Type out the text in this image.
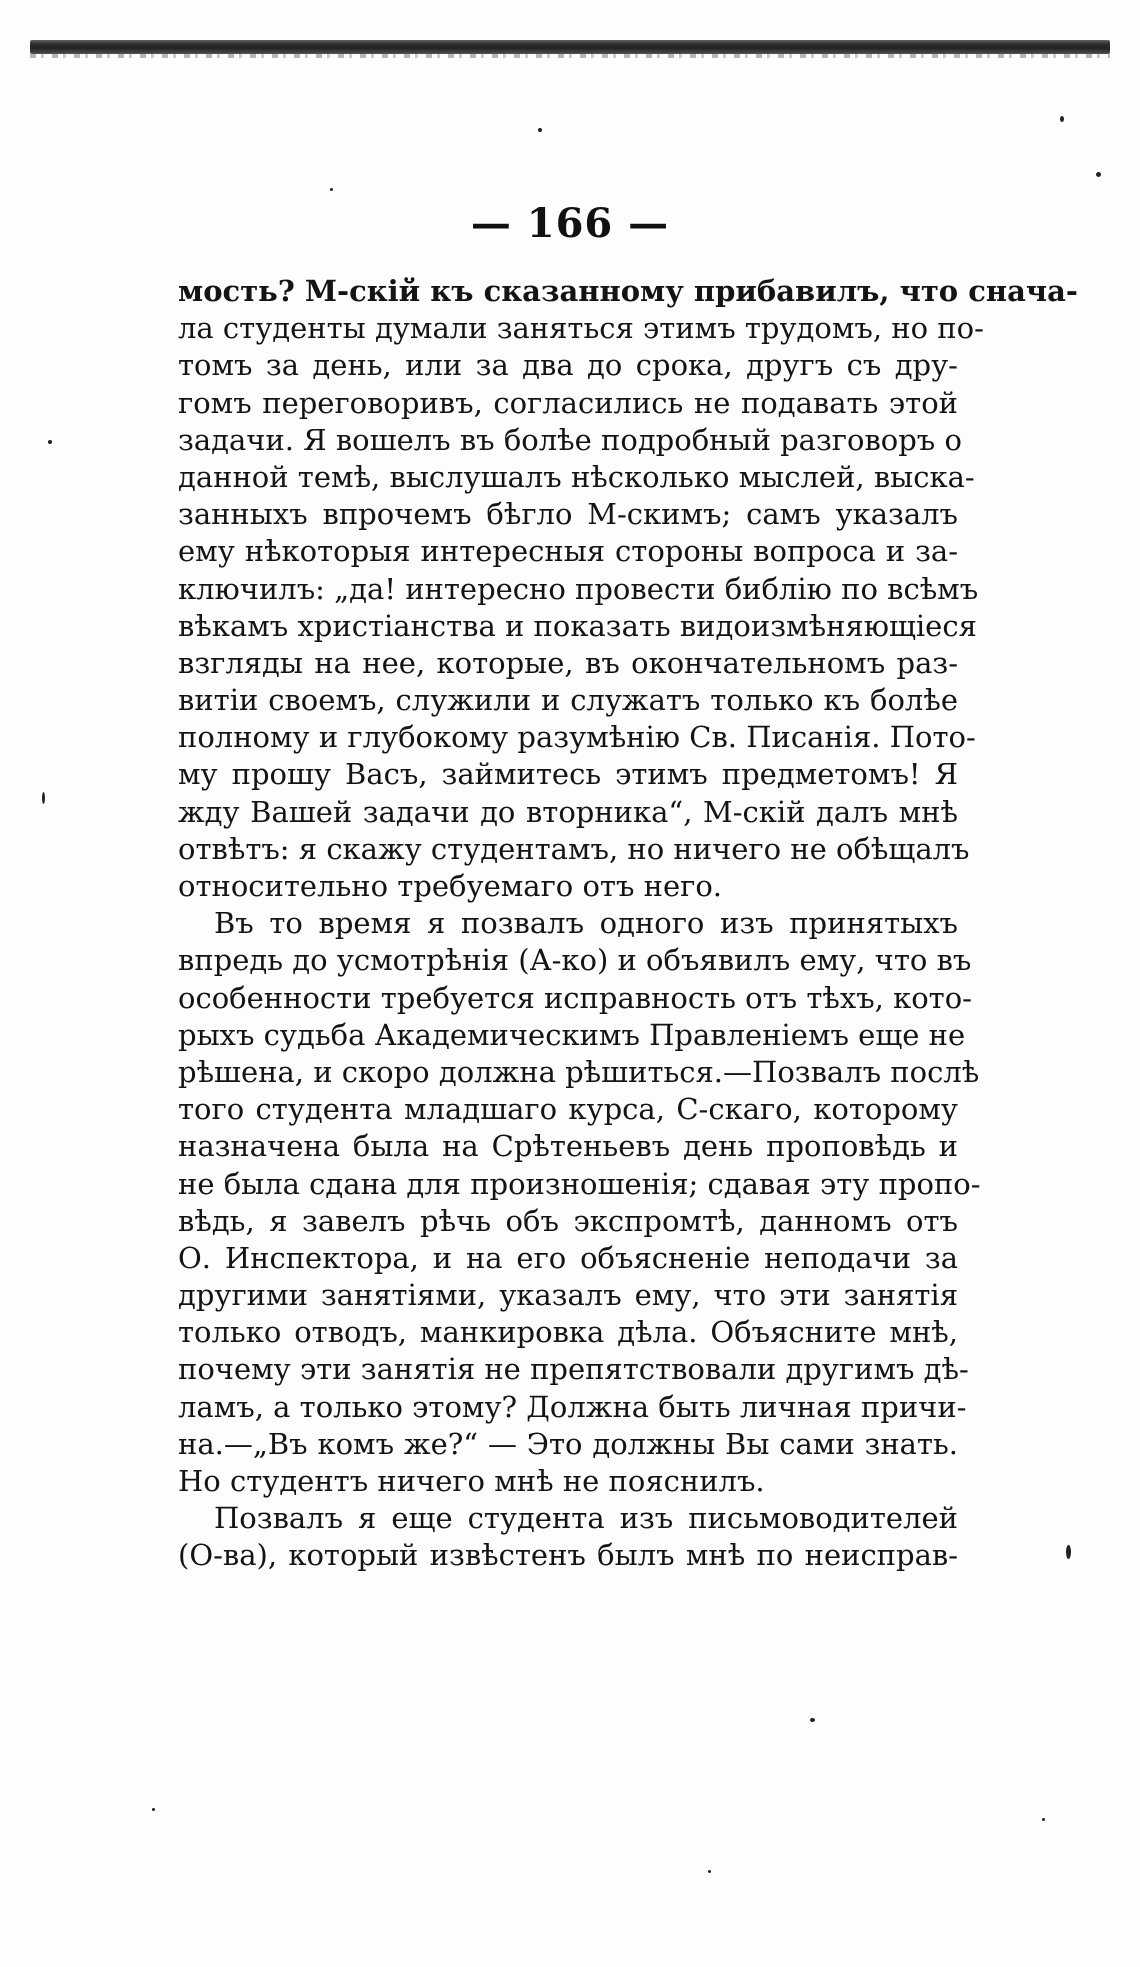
— 166 —
мость? М-скій къ сказанному прибавилъ, что снача-
ла студенты думали заняться этимъ трудомъ, но по-
томъ за день, или за два до срока, другъ съ дру-
гомъ переговоривъ, согласились не подавать этой
задачи. Я вошелъ въ болѣе подробный разговоръ о
данной темѣ, выслушалъ нѣсколько мыслей, выска-
занныхъ впрочемъ бѣгло М-скимъ; самъ указалъ
ему нѣкоторыя интересныя стороны вопроса и за-
ключилъ: „да! интересно провести библію по всѣмъ
вѣкамъ христіанства и показать видоизмѣняющіеся
взгляды на нее, которые, въ окончательномъ раз-
витіи своемъ, служили и служатъ только къ болѣе
полному и глубокому разумѣнію Св. Писанія. Пото-
му прошу Васъ, займитесь этимъ предметомъ! Я
жду Вашей задачи до вторника“, М-скій далъ мнѣ
отвѣтъ: я скажу студентамъ, но ничего не обѣщалъ
относительно требуемаго отъ него.
Въ то время я позвалъ одного изъ принятыхъ
впредь до усмотрѣнія (А-ко) и объявилъ ему, что въ
особенности требуется исправность отъ тѣхъ, кото-
рыхъ судьба Академическимъ Правленіемъ еще не
рѣшена, и скоро должна рѣшиться.—Позвалъ послѣ
того студента младшаго курса, С-скаго, которому
назначена была на Срѣтеньевъ день проповѣдь и
не была сдана для произношенія; сдавая эту пропо-
вѣдь, я завелъ рѣчь объ экспромтѣ, данномъ отъ
О. Инспектора, и на его объясненіе неподачи за
другими занятіями, указалъ ему, что эти занятія
только отводъ, манкировка дѣла. Объясните мнѣ,
почему эти занятія не препятствовали другимъ дѣ-
ламъ, а только этому? Должна быть личная причи-
на.—„Въ комъ же?“ — Это должны Вы сами знать.
Но студентъ ничего мнѣ не пояснилъ.
Позвалъ я еще студента изъ письмоводителей
(О-ва), который извѣстенъ былъ мнѣ по неисправ-
